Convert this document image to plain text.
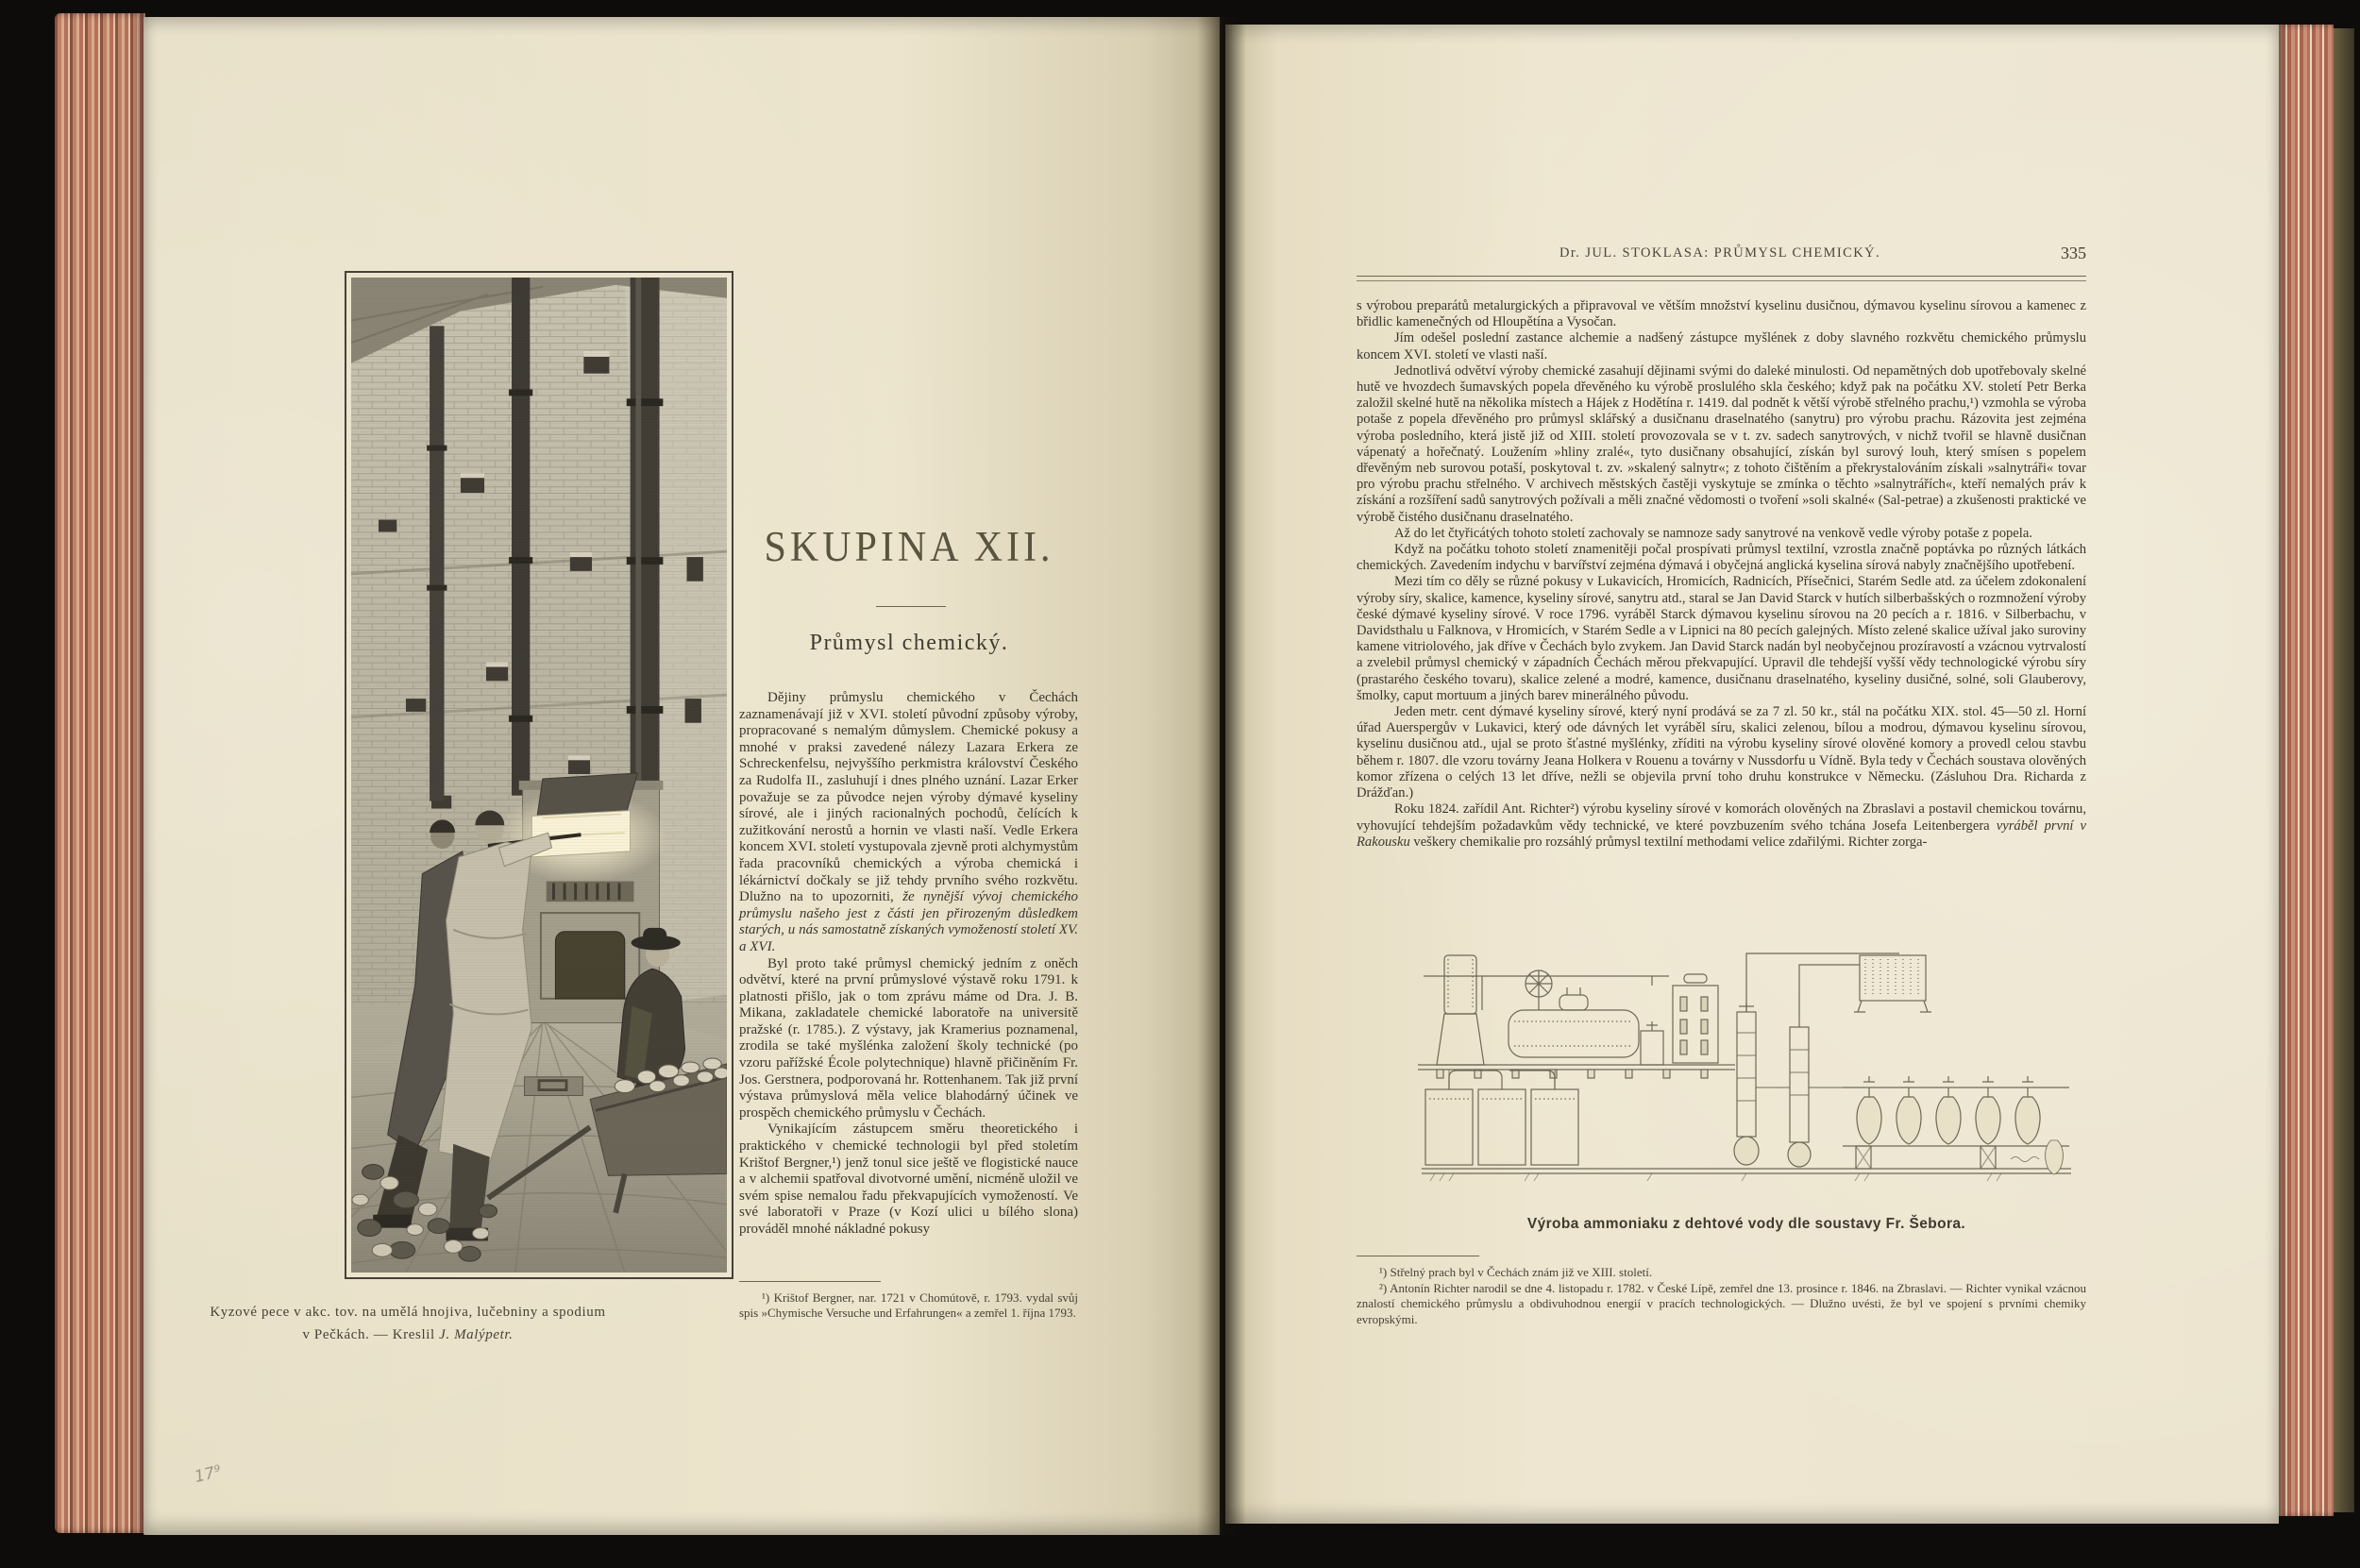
Kyzové pece v akc. tov. na umělá hnojiva, lučebniny a spodium
v Pečkách. — Kreslil J. Malýpetr.
SKUPINA XII.
Průmysl chemický.

Dějiny průmyslu chemického v Čechách zaznamenávají již v XVI. století původní způsoby výroby, propracované s nemalým důmyslem. Chemické pokusy a mnohé v praksi zavedené nálezy Lazara Erkera ze Schreckenfelsu, nejvyššího perkmistra království Českého za Rudolfa II., zasluhují i dnes plného uznání. Lazar Erker považuje se za původce nejen výroby dýmavé kyseliny sírové, ale i jiných racionalných pochodů, čelících k zužitkování nerostů a hornin ve vlasti naší. Vedle Erkera koncem XVI. století vystupovala zjevně proti alchymystům řada pracovníků chemických a výroba chemická i lékárnictví dočkaly se již tehdy prvního svého rozkvětu. Dlužno na to upozorniti, že nynější vývoj chemického průmyslu našeho jest z části jen přirozeným důsledkem starých, u nás samostatně získaných vymožeností století XV. a XVI.

Byl proto také průmysl chemický jedním z oněch odvětví, které na první průmyslové výstavě roku 1791. k platnosti přišlo, jak o tom zprávu máme od Dra. J. B. Mikana, zakladatele chemické laboratoře na universitě pražské (r. 1785.). Z výstavy, jak Kramerius poznamenal, zrodila se také myšlénka založení školy technické (po vzoru pařížské École polytechnique) hlavně přičiněním Fr. Jos. Gerstnera, podporovaná hr. Rottenhanem. Tak již první výstava průmyslová měla velice blahodárný účinek ve prospěch chemického průmyslu v Čechách.

Vynikajícím zástupcem směru theoretického i praktického v chemické technologii byl před stoletím Krištof Bergner,¹) jenž tonul sice ještě ve flogistické nauce a v alchemii spatřoval divotvorné umění, nicméně uložil ve svém spise nemalou řadu překvapujících vymožeností. Ve své laboratoři v Praze (v Kozí ulici u bílého slona) prováděl mnohé nákladné pokusy

¹) Krištof Bergner, nar. 1721 v Chomútově, r. 1793. vydal svůj spis »Chymische Versuche und Erfahrungen« a zemřel 1. října 1793.
17⁹
Dr. JUL. STOKLASA: PRŮMYSL CHEMICKÝ.	335

s výrobou preparátů metalurgických a připravoval ve větším množství kyselinu dusičnou, dýmavou kyselinu sírovou a kamenec z břidlic kamenečných od Hloupětína a Vysočan.

Jím odešel poslední zastance alchemie a nadšený zástupce myšlének z doby slavného rozkvětu chemického průmyslu koncem XVI. století ve vlasti naší.

Jednotlivá odvětví výroby chemické zasahují dějinami svými do daleké minulosti. Od nepamětných dob upotřebovaly skelné hutě ve hvozdech šumavských popela dřevěného ku výrobě proslulého skla českého; když pak na počátku XV. století Petr Berka založil skelné hutě na několika místech a Hájek z Hodětína r. 1419. dal podnět k větší výrobě střelného prachu,¹) vzmohla se výroba potaše z popela dřevěného pro průmysl sklářský a dusičnanu draselnatého (sanytru) pro výrobu prachu. Rázovita jest zejména výroba posledního, která jistě již od XIII. století provozovala se v t. zv. sadech sanytrových, v nichž tvořil se hlavně dusičnan vápenatý a hořečnatý. Loužením »hliny zralé«, tyto dusičnany obsahující, získán byl surový louh, který smísen s popelem dřevěným neb surovou potaší, poskytoval t. zv. »skalený salnytr«; z tohoto čištěním a překrystalováním získali »salnytráři« tovar pro výrobu prachu střelného. V archivech městských častěji vyskytuje se zmínka o těchto »salnytrářích«, kteří nemalých práv k získání a rozšíření sadů sanytrových požívali a měli značné vědomosti o tvoření »soli skalné« (Sal-petrae) a zkušenosti praktické ve výrobě čistého dusičnanu draselnatého.

Až do let čtyřicátých tohoto století zachovaly se namnoze sady sanytrové na venkově vedle výroby potaše z popela.

Když na počátku tohoto století znamenitěji počal prospívati průmysl textilní, vzrostla značně poptávka po různých látkách chemických. Zavedením indychu v barvířství zejména dýmavá i obyčejná anglická kyselina sírová nabyly značnějšího upotřebení.

Mezi tím co děly se různé pokusy v Lukavicích, Hromicích, Radnicích, Přísečnici, Starém Sedle atd. za účelem zdokonalení výroby síry, skalice, kamence, kyseliny sírové, sanytru atd., staral se Jan David Starck v hutích silberbašských o rozmnožení výroby české dýmavé kyseliny sírové. V roce 1796. vyráběl Starck dýmavou kyselinu sírovou na 20 pecích a r. 1816. v Silberbachu, v Davidsthalu u Falknova, v Hromicích, v Starém Sedle a v Lipnici na 80 pecích galejných. Místo zelené skalice užíval jako suroviny kamene vitriolového, jak dříve v Čechách bylo zvykem. Jan David Starck nadán byl neobyčejnou prozíravostí a vzácnou vytrvalostí a zvelebil průmysl chemický v západních Čechách měrou překvapující. Upravil dle tehdejší vyšší vědy technologické výrobu síry (prastarého českého tovaru), skalice zelené a modré, kamence, dusičnanu draselnatého, kyseliny dusičné, solné, soli Glauberovy, šmolky, caput mortuum a jiných barev minerálného původu.

Jeden metr. cent dýmavé kyseliny sírové, který nyní prodává se za 7 zl. 50 kr., stál na počátku XIX. stol. 45—50 zl. Horní úřad Auerspergův v Lukavici, který ode dávných let vyráběl síru, skalici zelenou, bílou a modrou, dýmavou kyselinu sírovou, kyselinu dusičnou atd., ujal se proto šťastné myšlénky, zříditi na výrobu kyseliny sírové olověné komory a provedl celou stavbu během r. 1807. dle vzoru továrny Jeana Holkera v Rouenu a továrny v Nussdorfu u Vídně. Byla tedy v Čechách soustava olověných komor zřízena o celých 13 let dříve, nežli se objevila první toho druhu konstrukce v Německu. (Zásluhou Dra. Richarda z Drážďan.)

Roku 1824. zařídil Ant. Richter²) výrobu kyseliny sírové v komorách olověných na Zbraslavi a postavil chemickou továrnu, vyhovující tehdejším požadavkům vědy technické, ve které povzbuzením svého tchána Josefa Leitenbergera vyráběl první v Rakousku veškery chemikalie pro rozsáhlý průmysl textilní methodami velice zdařilými. Richter zorga-

Výroba ammoniaku z dehtové vody dle soustavy Fr. Šebora.

¹) Střelný prach byl v Čechách znám již ve XIII. století.

²) Antonín Richter narodil se dne 4. listopadu r. 1782. v České Lípě, zemřel dne 13. prosince r. 1846. na Zbraslavi. — Richter vynikal vzácnou znalostí chemického průmyslu a obdivuhodnou energií v pracích technologických. — Dlužno uvésti, že byl ve spojení s prvními chemiky evropskými.
